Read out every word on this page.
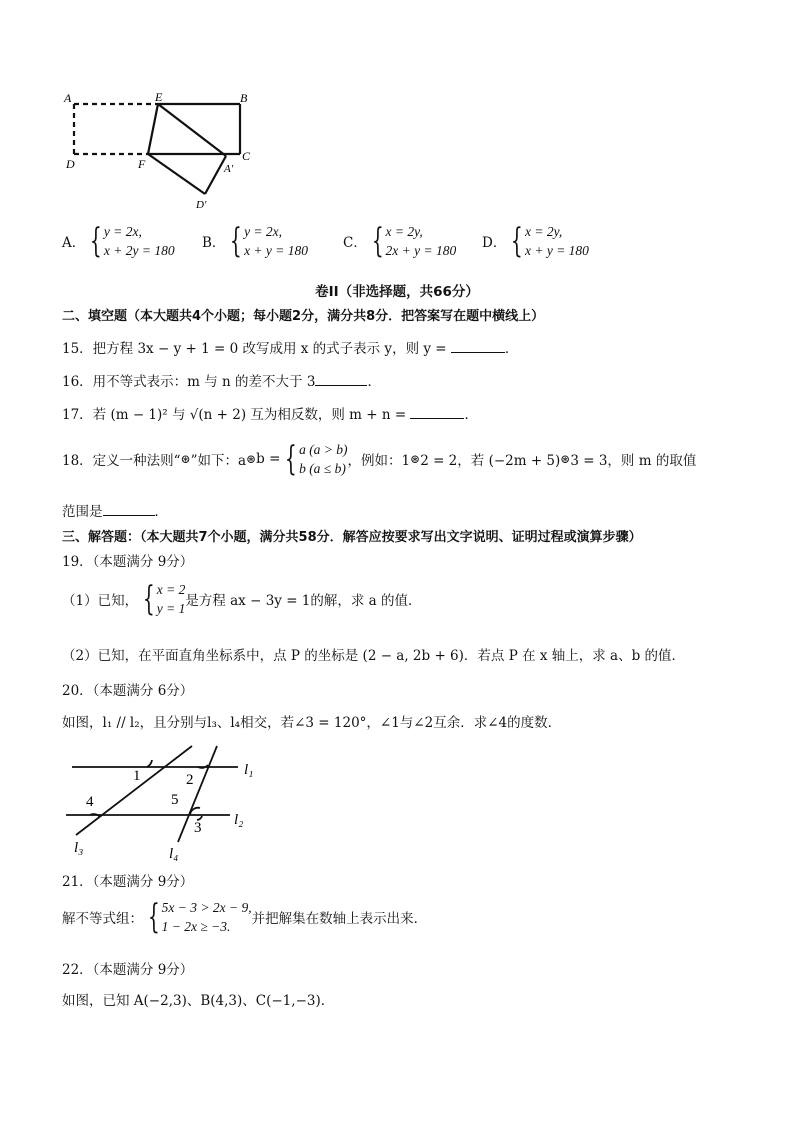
A	E	B
D	F
C
A'
D'
A． { y = 2x,
x + 2y = 180 B． { y = 2x,
x + y = 180	C． { x = 2y,
2x + y = 180 D． { x = 2y,
x + y = 180
卷II（非选择题，共66分）
二、填空题（本大题共4个小题；每小题2分，满分共8分．把答案写在题中横线上）
15．把方程 3x − y + 1 = 0 改写成用 x 的式子表示 y，则 y =	．
16．用不等式表示：m 与 n 的差不大于 3	．
17．若 (m − 1)² 与 √(n + 2) 互为相反数，则 m + n =	．
18．定义一种法则“ ⊛ ”如下：a ⊛ b = { a (a > b)
b (a ≤ b) ，例如：1 ⊛ 2 = 2，若 (−2m + 5) ⊛ 3 = 3，则 m 的取值
范围是	．
三、解答题：（本大题共7个小题，满分共58分．解答应按要求写出文字说明、证明过程或演算步骤）
19．（本题满分 9分）
（1）已知， { x = 2
y = 1 是方程 ax − 3y = 1的解，求 a 的值．
（2）已知，在平面直角坐标系中，点 P 的坐标是 (2 − a, 2b + 6)．若点 P 在 x 轴上，求 a、b 的值．
20．（本题满分 6分）
如图，l₁ // l₂，且分别与l₃、l₄相交，若∠3 = 120°，∠1与∠2互余．求∠4的度数．
1	2
l₁
4	5
l₂
3
l₃	l₄
21．（本题满分 9分）
解不等式组： { 5x − 3 > 2x − 9,
1 − 2x ≥ −3.	并把解集在数轴上表示出来．
22．（本题满分 9分）
如图，已知 A(−2,3)、B(4,3)、C(−1,−3)．
